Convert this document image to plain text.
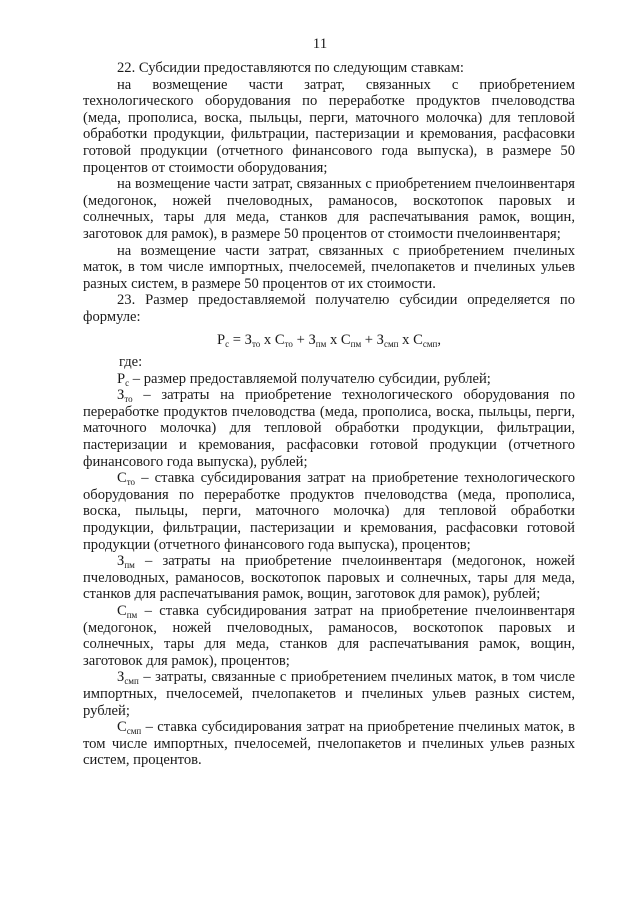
11

22. Субсидии предоставляются по следующим ставкам:

на возмещение части затрат, связанных с приобретением технологического оборудования по переработке продуктов пчеловодства (меда, прополиса, воска, пыльцы, перги, маточного молочка) для тепловой обработки продукции, фильтрации, пастеризации и кремования, расфасовки готовой продукции (отчетного финансового года выпуска), в размере 50 процентов от стоимости оборудования;

на возмещение части затрат, связанных с приобретением пчелоинвентаря (медогонок, ножей пчеловодных, раманосов, воскотопок паровых и солнечных, тары для меда, станков для распечатывания рамок, вощин, заготовок для рамок), в размере 50 процентов от стоимости пчелоинвентаря;

на возмещение части затрат, связанных с приобретением пчелиных маток, в том числе импортных, пчелосемей, пчелопакетов и пчелиных ульев разных систем, в размере 50 процентов от их стоимости.

23. Размер предоставляемой получателю субсидии определяется по формуле:

$Р_с = З_{то}$ х $С_{то} + З_{пм}$ х $С_{пм} + З_{смп}$ х $С_{смп}$,
где:

$Р_с$ – размер предоставляемой получателю субсидии, рублей;

$З_{то}$ – затраты на приобретение технологического оборудования по переработке продуктов пчеловодства (меда, прополиса, воска, пыльцы, перги, маточного молочка) для тепловой обработки продукции, фильтрации, пастеризации и кремования, расфасовки готовой продукции (отчетного финансового года выпуска), рублей;

$С_{то}$ – ставка субсидирования затрат на приобретение технологического оборудования по переработке продуктов пчеловодства (меда, прополиса, воска, пыльцы, перги, маточного молочка) для тепловой обработки продукции, фильтрации, пастеризации и кремования, расфасовки готовой продукции (отчетного финансового года выпуска), процентов;

$З_{пм}$ – затраты на приобретение пчелоинвентаря (медогонок, ножей пчеловодных, раманосов, воскотопок паровых и солнечных, тары для меда, станков для распечатывания рамок, вощин, заготовок для рамок), рублей;

$С_{пм}$ – ставка субсидирования затрат на приобретение пчелоинвентаря (медогонок, ножей пчеловодных, раманосов, воскотопок паровых и солнечных, тары для меда, станков для распечатывания рамок, вощин, заготовок для рамок), процентов;

$З_{смп}$ – затраты, связанные с приобретением пчелиных маток, в том числе импортных, пчелосемей, пчелопакетов и пчелиных ульев разных систем, рублей;

$С_{смп}$ – ставка субсидирования затрат на приобретение пчелиных маток, в том числе импортных, пчелосемей, пчелопакетов и пчелиных ульев разных систем, процентов.
